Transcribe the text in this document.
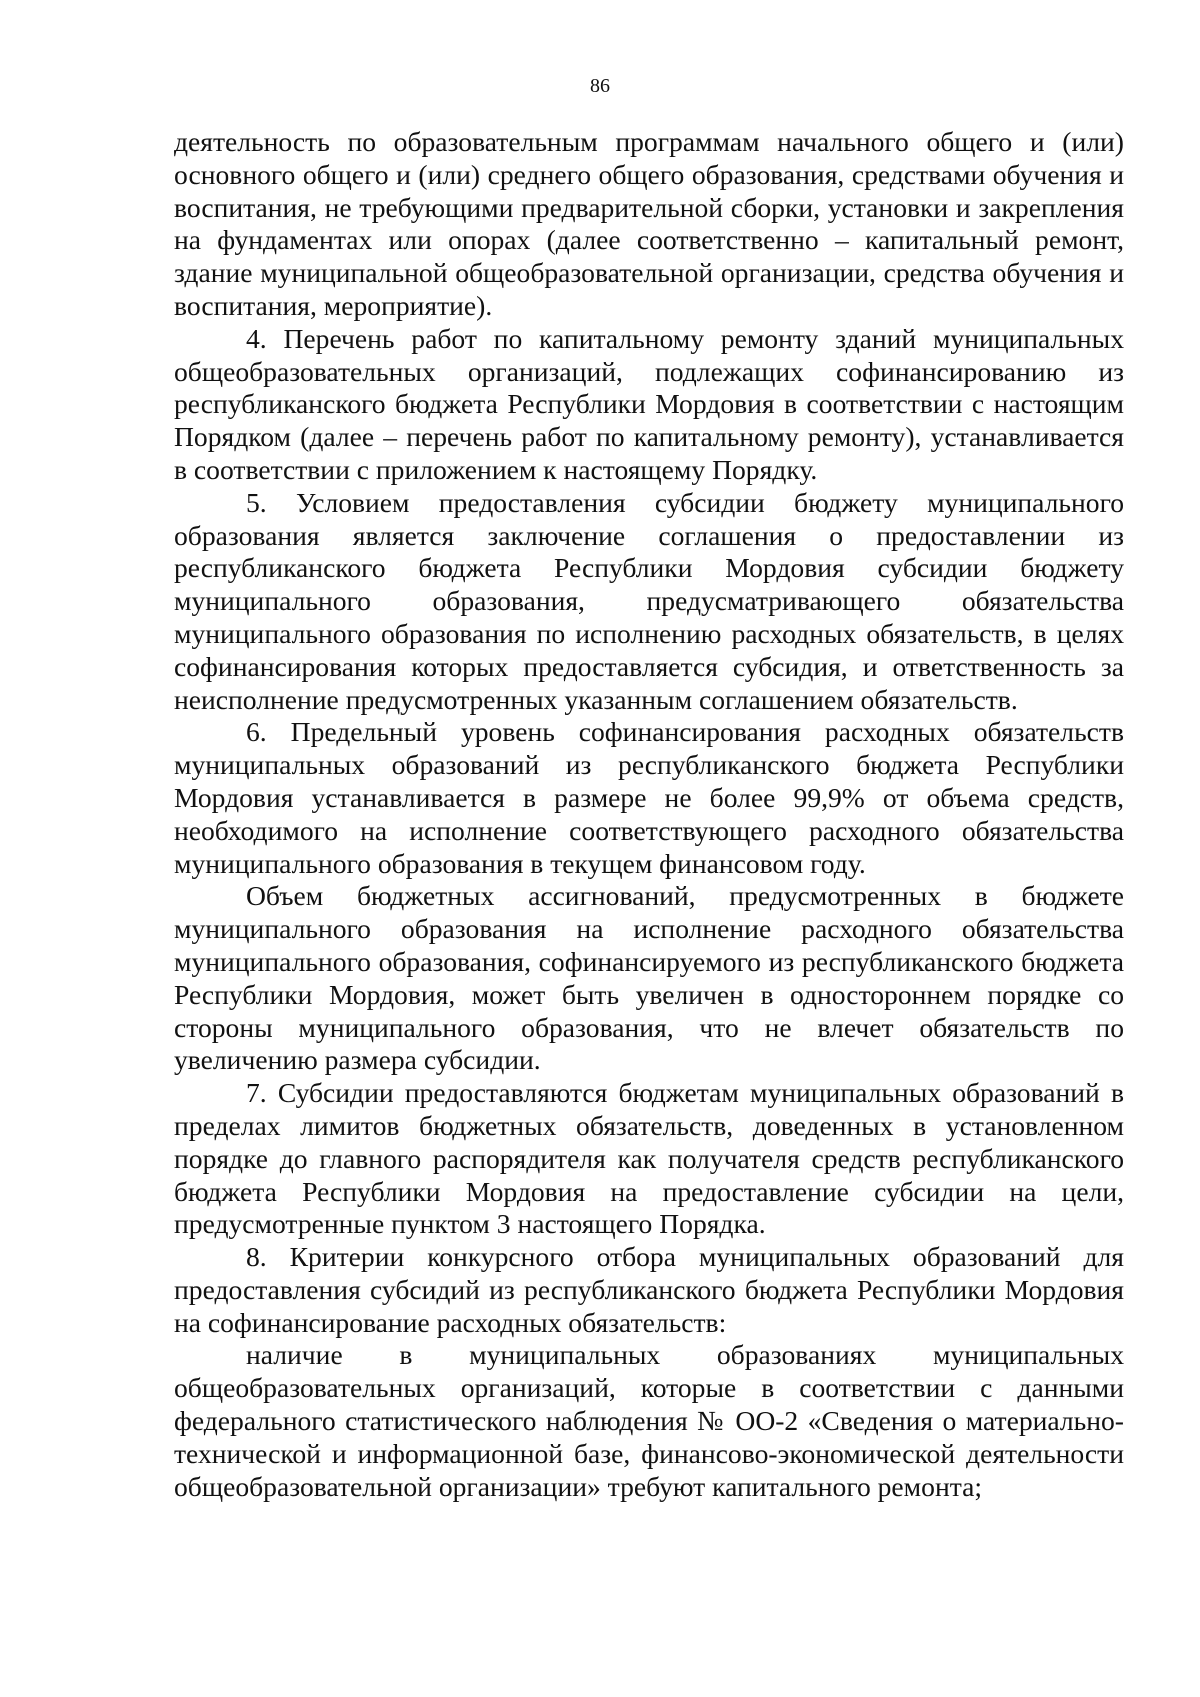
86

деятельность по образовательным программам начального общего и (или) основного общего и (или) среднего общего образования, средствами обучения и воспитания, не требующими предварительной сборки, установки и закрепления на фундаментах или опорах (далее соответственно – капитальный ремонт, здание муниципальной общеобразовательной организации, средства обучения и воспитания, мероприятие).

4. Перечень работ по капитальному ремонту зданий муниципальных общеобразовательных организаций, подлежащих софинансированию из республиканского бюджета Республики Мордовия в соответствии с настоящим Порядком (далее – перечень работ по капитальному ремонту), устанавливается в соответствии с приложением к настоящему Порядку.

5. Условием предоставления субсидии бюджету муниципального образования является заключение соглашения о предоставлении из республиканского бюджета Республики Мордовия субсидии бюджету муниципального образования, предусматривающего обязательства муниципального образования по исполнению расходных обязательств, в целях софинансирования которых предоставляется субсидия, и ответственность за неисполнение предусмотренных указанным соглашением обязательств.

6. Предельный уровень софинансирования расходных обязательств муниципальных образований из республиканского бюджета Республики Мордовия устанавливается в размере не более 99,9% от объема средств, необходимого на исполнение соответствующего расходного обязательства муниципального образования в текущем финансовом году.

Объем бюджетных ассигнований, предусмотренных в бюджете муниципального образования на исполнение расходного обязательства муниципального образования, софинансируемого из республиканского бюджета Республики Мордовия, может быть увеличен в одностороннем порядке со стороны муниципального образования, что не влечет обязательств по увеличению размера субсидии.

7. Субсидии предоставляются бюджетам муниципальных образований в пределах лимитов бюджетных обязательств, доведенных в установленном порядке до главного распорядителя как получателя средств республиканского бюджета Республики Мордовия на предоставление субсидии на цели, предусмотренные пунктом 3 настоящего Порядка.

8. Критерии конкурсного отбора муниципальных образований для предоставления субсидий из республиканского бюджета Республики Мордовия на софинансирование расходных обязательств:

наличие в муниципальных образованиях муниципальных общеобразовательных организаций, которые в соответствии с данными федерального статистического наблюдения № ОО-2 «Сведения о материально-технической и информационной базе, финансово-экономической деятельности общеобразовательной организации» требуют капитального ремонта;
